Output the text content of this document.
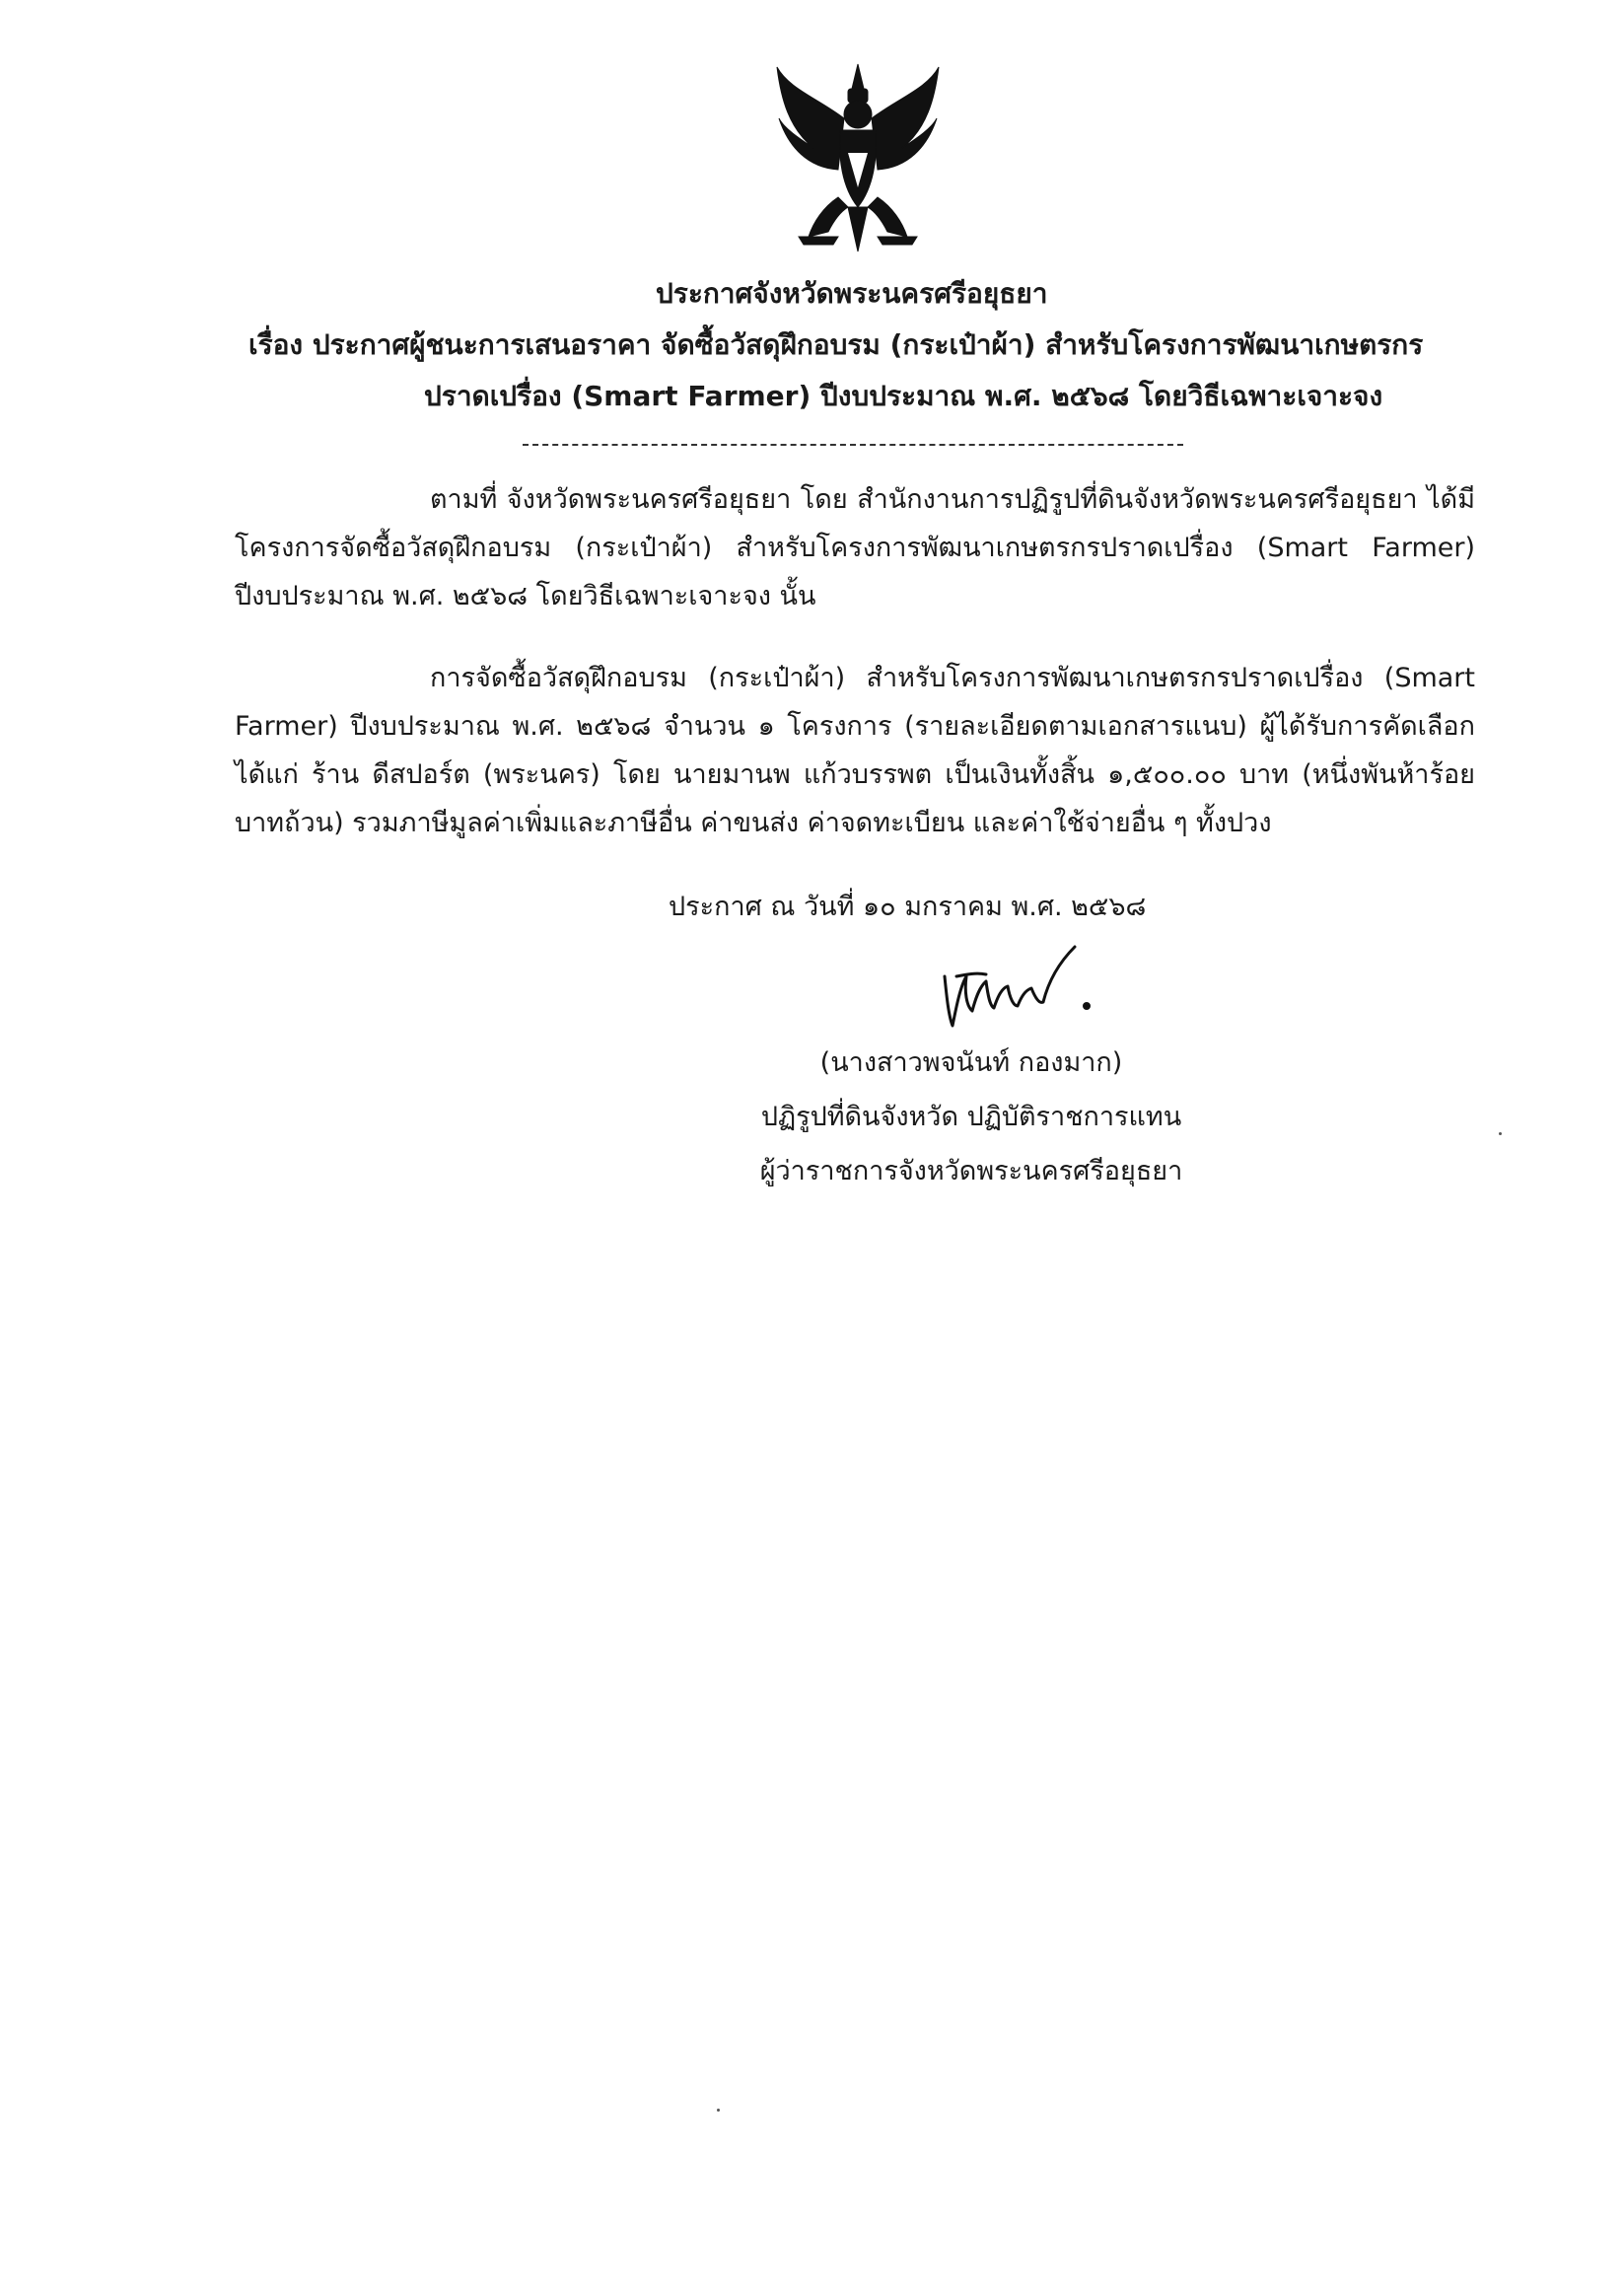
ประกาศจังหวัดพระนครศรีอยุธยา
เรื่อง ประกาศผู้ชนะการเสนอราคา จัดซื้อวัสดุฝึกอบรม (กระเป๋าผ้า) สำหรับโครงการพัฒนาเกษตรกร
ปราดเปรื่อง (Smart Farmer) ปีงบประมาณ พ.ศ. ๒๕๖๘ โดยวิธีเฉพาะเจาะจง
ตามที่ จังหวัดพระนครศรีอยุธยา โดย สำนักงานการปฏิรูปที่ดินจังหวัดพระนครศรีอยุธยา ได้มีโครงการจัดซื้อวัสดุฝึกอบรม (กระเป๋าผ้า) สำหรับโครงการพัฒนาเกษตรกรปราดเปรื่อง (Smart Farmer) ปีงบประมาณ พ.ศ. ๒๕๖๘ โดยวิธีเฉพาะเจาะจง นั้น
การจัดซื้อวัสดุฝึกอบรม (กระเป๋าผ้า) สำหรับโครงการพัฒนาเกษตรกรปราดเปรื่อง (Smart Farmer) ปีงบประมาณ พ.ศ. ๒๕๖๘ จำนวน ๑ โครงการ (รายละเอียดตามเอกสารแนบ) ผู้ได้รับการคัดเลือก ได้แก่ ร้าน ดีสปอร์ต (พระนคร) โดย นายมานพ แก้วบรรพต เป็นเงินทั้งสิ้น ๑,๕๐๐.๐๐ บาท (หนึ่งพันห้าร้อยบาทถ้วน) รวมภาษีมูลค่าเพิ่มและภาษีอื่น ค่าขนส่ง ค่าจดทะเบียน และค่าใช้จ่ายอื่น ๆ ทั้งปวง
ประกาศ ณ วันที่ ๑๐ มกราคม พ.ศ. ๒๕๖๘
(นางสาวพจนันท์ กองมาก)
ปฏิรูปที่ดินจังหวัด ปฏิบัติราชการแทน
ผู้ว่าราชการจังหวัดพระนครศรีอยุธยา
